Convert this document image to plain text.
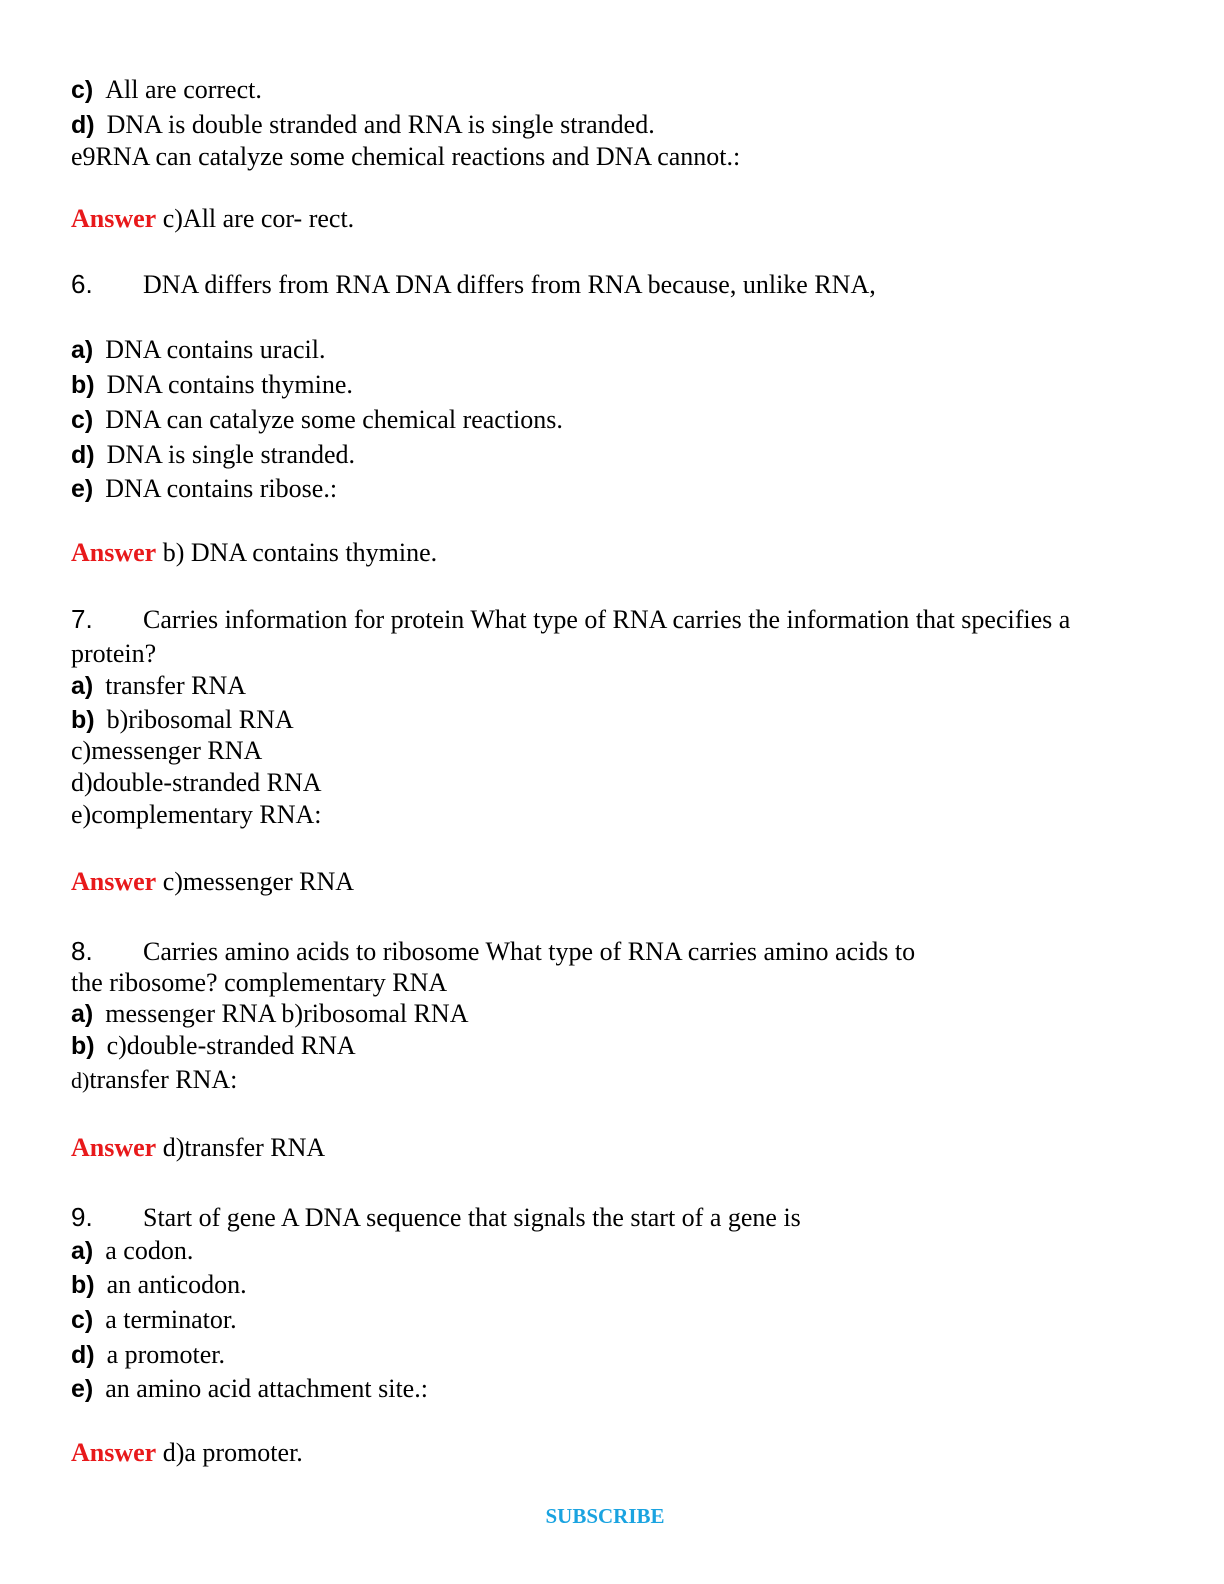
c) All are correct.
d) DNA is double stranded and RNA is single stranded.
e9RNA can catalyze some chemical reactions and DNA cannot.:
Answer c)All are cor- rect.
6. DNA differs from RNA DNA differs from RNA because, unlike RNA,
a) DNA contains uracil.
b) DNA contains thymine.
c) DNA can catalyze some chemical reactions.
d) DNA is single stranded.
e) DNA contains ribose.:
Answer b) DNA contains thymine.
7. Carries information for protein What type of RNA carries the information that specifies a
protein?
a) transfer RNA
b) b)ribosomal RNA
c)messenger RNA
d)double-stranded RNA
e)complementary RNA:
Answer c)messenger RNA
8. Carries amino acids to ribosome What type of RNA carries amino acids to
the ribosome? complementary RNA
a) messenger RNA b)ribosomal RNA
b) c)double-stranded RNA
d)transfer RNA:
Answer d)transfer RNA
9. Start of gene A DNA sequence that signals the start of a gene is
a) a codon.
b) an anticodon.
c) a terminator.
d) a promoter.
e) an amino acid attachment site.:
Answer d)a promoter.
SUBSCRIBE
